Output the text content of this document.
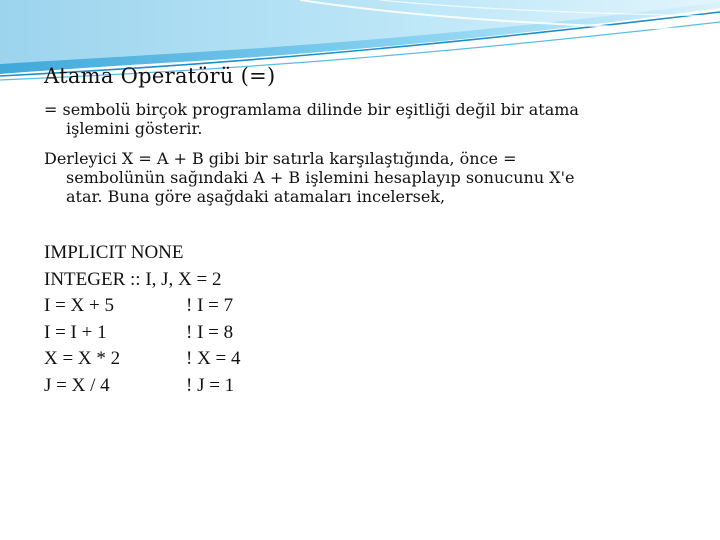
Atama Operatörü (=)
= sembolü birçok programlama dilinde bir eşitliği değil bir atama
işlemini gösterir.
Derleyici X = A + B gibi bir satırla karşılaştığında, önce =
sembolünün sağındaki A + B işlemini hesaplayıp sonucunu X'e
atar. Buna göre aşağdaki atamaları incelersek,
IMPLICIT NONE
INTEGER :: I, J, X = 2
I = X + 5	! I = 7
I = I + 1	! I = 8
X = X * 2	! X = 4
J = X / 4	! J = 1
